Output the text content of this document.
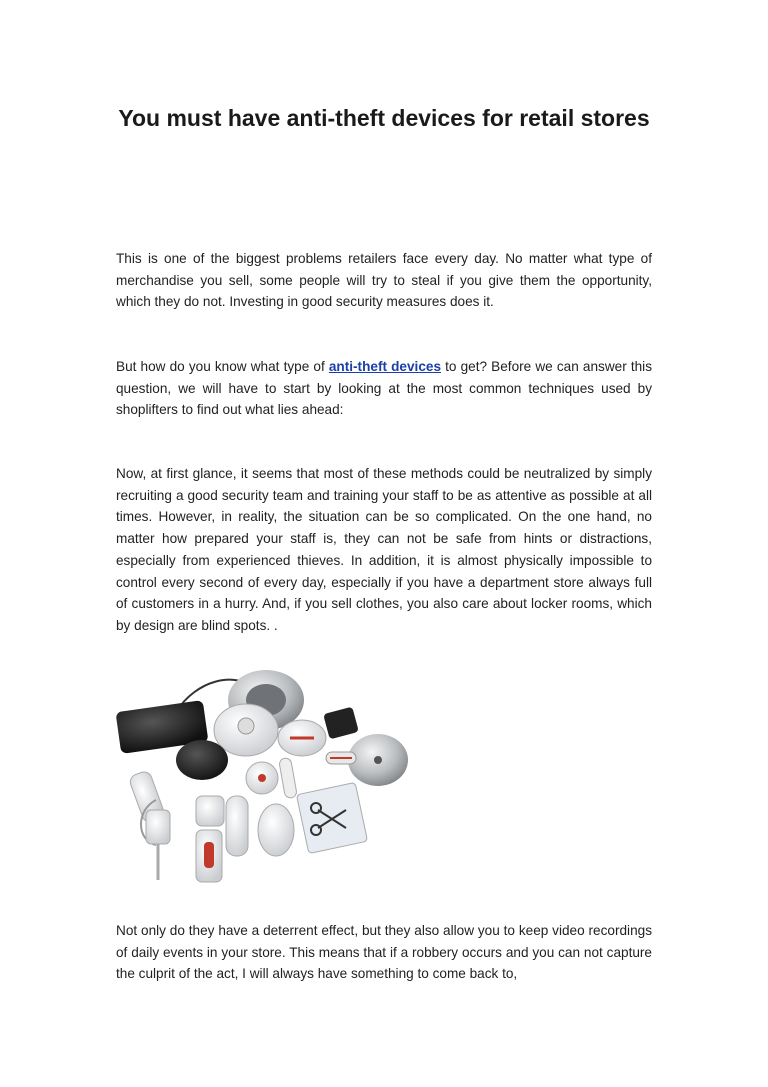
You must have anti-theft devices for retail stores

This is one of the biggest problems retailers face every day. No matter what type of merchandise you sell, some people will try to steal if you give them the opportunity, which they do not. Investing in good security measures does it.

But how do you know what type of anti-theft devices to get? Before we can answer this question, we will have to start by looking at the most common techniques used by shoplifters to find out what lies ahead:

Now, at first glance, it seems that most of these methods could be neutralized by simply recruiting a good security team and training your staff to be as attentive as possible at all times. However, in reality, the situation can be so complicated. On the one hand, no matter how prepared your staff is, they can not be safe from hints or distractions, especially from experienced thieves. In addition, it is almost physically impossible to control every second of every day, especially if you have a department store always full of customers in a hurry. And, if you sell clothes, you also care about locker rooms, which by design are blind spots. .

Not only do they have a deterrent effect, but they also allow you to keep video recordings of daily events in your store. This means that if a robbery occurs and you can not capture the culprit of the act, I will always have something to come back to,
